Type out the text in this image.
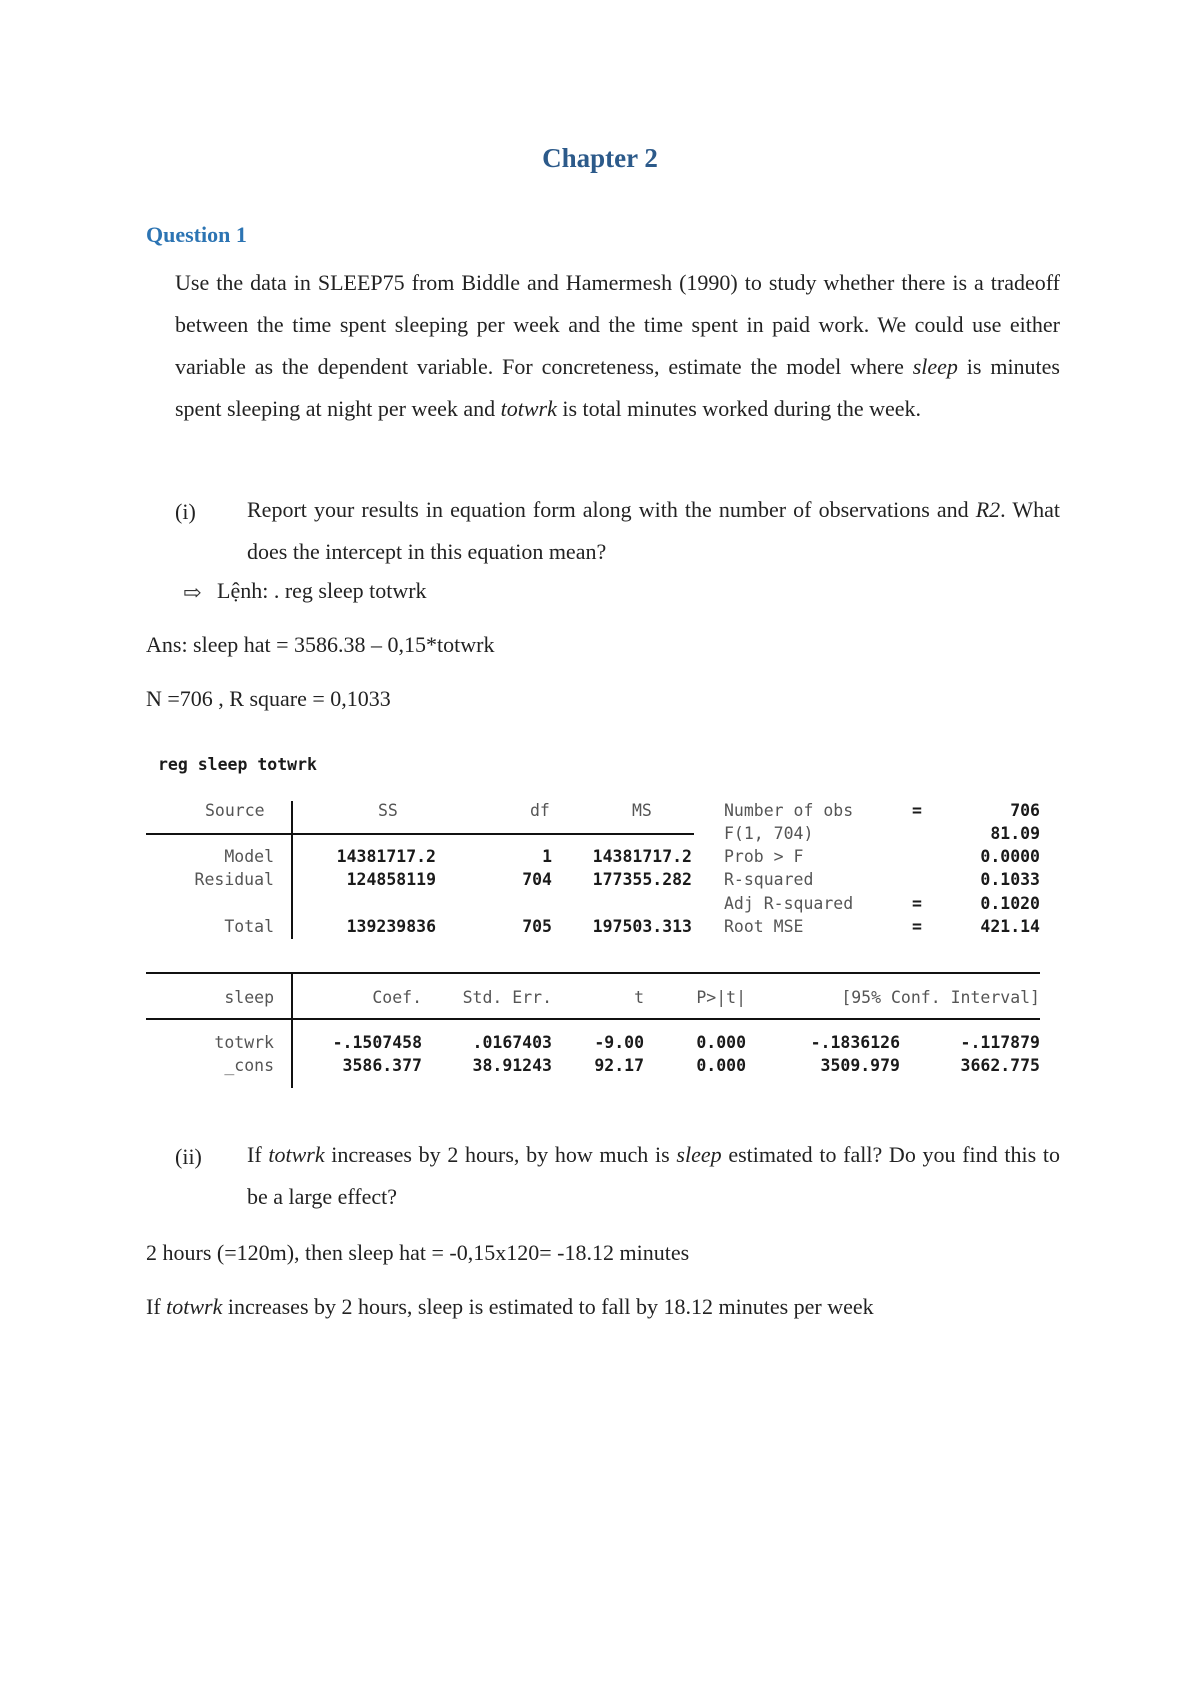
Chapter 2
Question 1
Use the data in SLEEP75 from Biddle and Hamermesh (1990) to study whether there is a tradeoff between the time spent sleeping per week and the time spent in paid work. We could use either variable as the dependent variable. For concreteness, estimate the model where sleep is minutes spent sleeping at night per week and totwrk is total minutes worked during the week.
(i) Report your results in equation form along with the number of observations and R2. What does the intercept in this equation mean?
⇨ Lệnh: . reg sleep totwrk
Ans: sleep hat = 3586.38 – 0,15*totwrk
N =706 , R square = 0,1033
reg sleep totwrk
Source	SS	df	MS
Model	14381717.2	1	14381717.2
Residual	124858119	704	177355.282
Total	139239836	705	197503.313
Number of obs	=	706
F(1, 704)	81.09
Prob > F	0.0000
R-squared	0.1033
Adj R-squared	=	0.1020
Root MSE	=	421.14
sleep	Coef.	Std. Err.	t	P>|t|	[95% Conf. Interval]
totwrk	-.1507458	.0167403	-9.00	0.000	-.1836126	-.117879
_cons	3586.377	38.91243	92.17	0.000	3509.979	3662.775
(ii) If totwrk increases by 2 hours, by how much is sleep estimated to fall? Do you find this to be a large effect?
2 hours (=120m), then sleep hat = -0,15x120= -18.12 minutes
If totwrk increases by 2 hours, sleep is estimated to fall by 18.12 minutes per week
